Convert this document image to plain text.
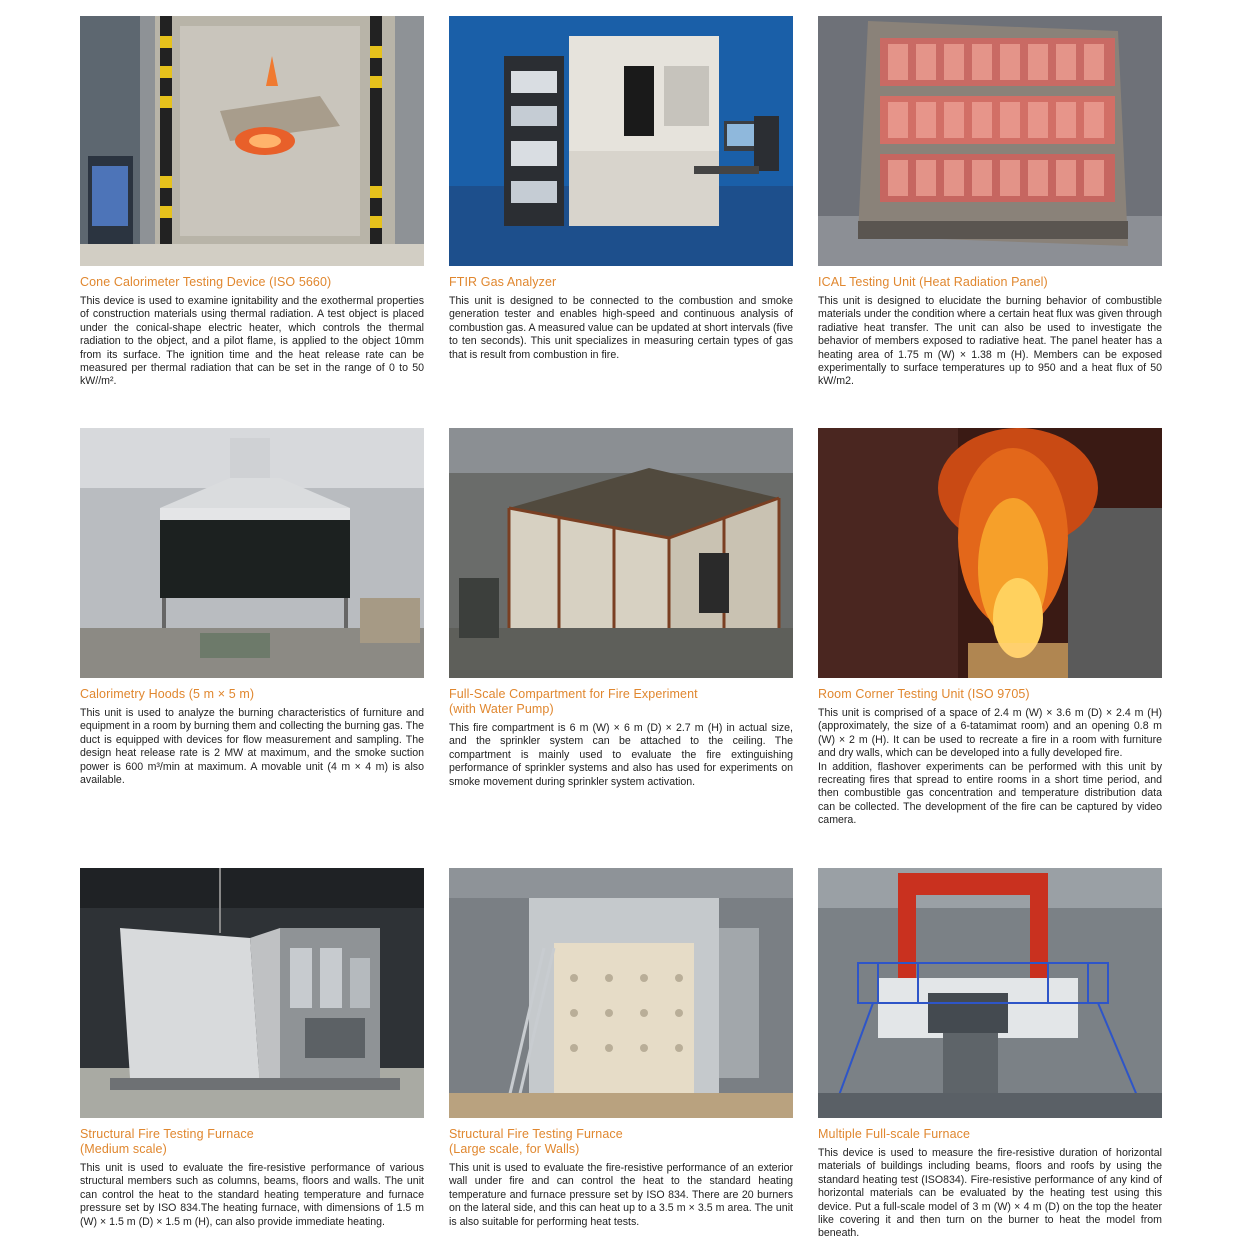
Cone Calorimeter Testing Device (ISO 5660)

This device is used to examine ignitability and the exothermal properties of construction materials using thermal radiation. A test object is placed under the conical-shape electric heater, which controls the thermal radiation to the object, and a pilot flame, is applied to the object 10mm from its surface. The ignition time and the heat release rate can be measured per thermal radiation that can be set in the range of 0 to 50 kW//m².

FTIR Gas Analyzer

This unit is designed to be connected to the combustion and smoke generation tester and enables high-speed and continuous analysis of combustion gas. A measured value can be updated at short intervals (five to ten seconds). This unit specializes in measuring certain types of gas that is result from combustion in fire.

ICAL Testing Unit (Heat Radiation Panel)

This unit is designed to elucidate the burning behavior of combustible materials under the condition where a certain heat flux was given through radiative heat transfer. The unit can also be used to investigate the behavior of members exposed to radiative heat. The panel heater has a heating area of 1.75 m (W) × 1.38 m (H). Members can be exposed experimentally to surface temperatures up to 950 and a heat flux of 50 kW/m2.

Calorimetry Hoods (5 m × 5 m)

This unit is used to analyze the burning characteristics of furniture and equipment in a room by burning them and collecting the burning gas. The duct is equipped with devices for flow measurement and sampling. The design heat release rate is 2 MW at maximum, and the smoke suction power is 600 m³/min at maximum. A movable unit (4 m × 4 m) is also available.

Full-Scale Compartment for Fire Experiment
(with Water Pump)

This fire compartment is 6 m (W) × 6 m (D) × 2.7 m (H) in actual size, and the sprinkler system can be attached to the ceiling. The compartment is mainly used to evaluate the fire extinguishing performance of sprinkler systems and also has used for experiments on smoke movement during sprinkler system activation.

Room Corner Testing Unit (ISO 9705)

This unit is comprised of a space of 2.4 m (W) × 3.6 m (D) × 2.4 m (H) (approximately, the size of a 6-tatamimat room) and an opening 0.8 m (W) × 2 m (H). It can be used to recreate a fire in a room with furniture and dry walls, which can be developed into a fully developed fire.

In addition, flashover experiments can be performed with this unit by recreating fires that spread to entire rooms in a short time period, and then combustible gas concentration and temperature distribution data can be collected. The development of the fire can be captured by video camera.

Structural Fire Testing Furnace
(Medium scale)

This unit is used to evaluate the fire-resistive performance of various structural members such as columns, beams, floors and walls. The unit can control the heat to the standard heating temperature and furnace pressure set by ISO 834.The heating furnace, with dimensions of 1.5 m (W) × 1.5 m (D) × 1.5 m (H), can also provide immediate heating.

Structural Fire Testing Furnace
(Large scale, for Walls)

This unit is used to evaluate the fire-resistive performance of an exterior wall under fire and can control the heat to the standard heating temperature and furnace pressure set by ISO 834. There are 20 burners on the lateral side, and this can heat up to a 3.5 m × 3.5 m area. The unit is also suitable for performing heat tests.

Multiple Full-scale Furnace

This device is used to measure the fire-resistive duration of horizontal materials of buildings including beams, floors and roofs by using the standard heating test (ISO834). Fire-resistive performance of any kind of horizontal materials can be evaluated by the heating test using this device. Put a full-scale model of 3 m (W) × 4 m (D) on the top the heater like covering it and then turn on the burner to heat the model from beneath.
